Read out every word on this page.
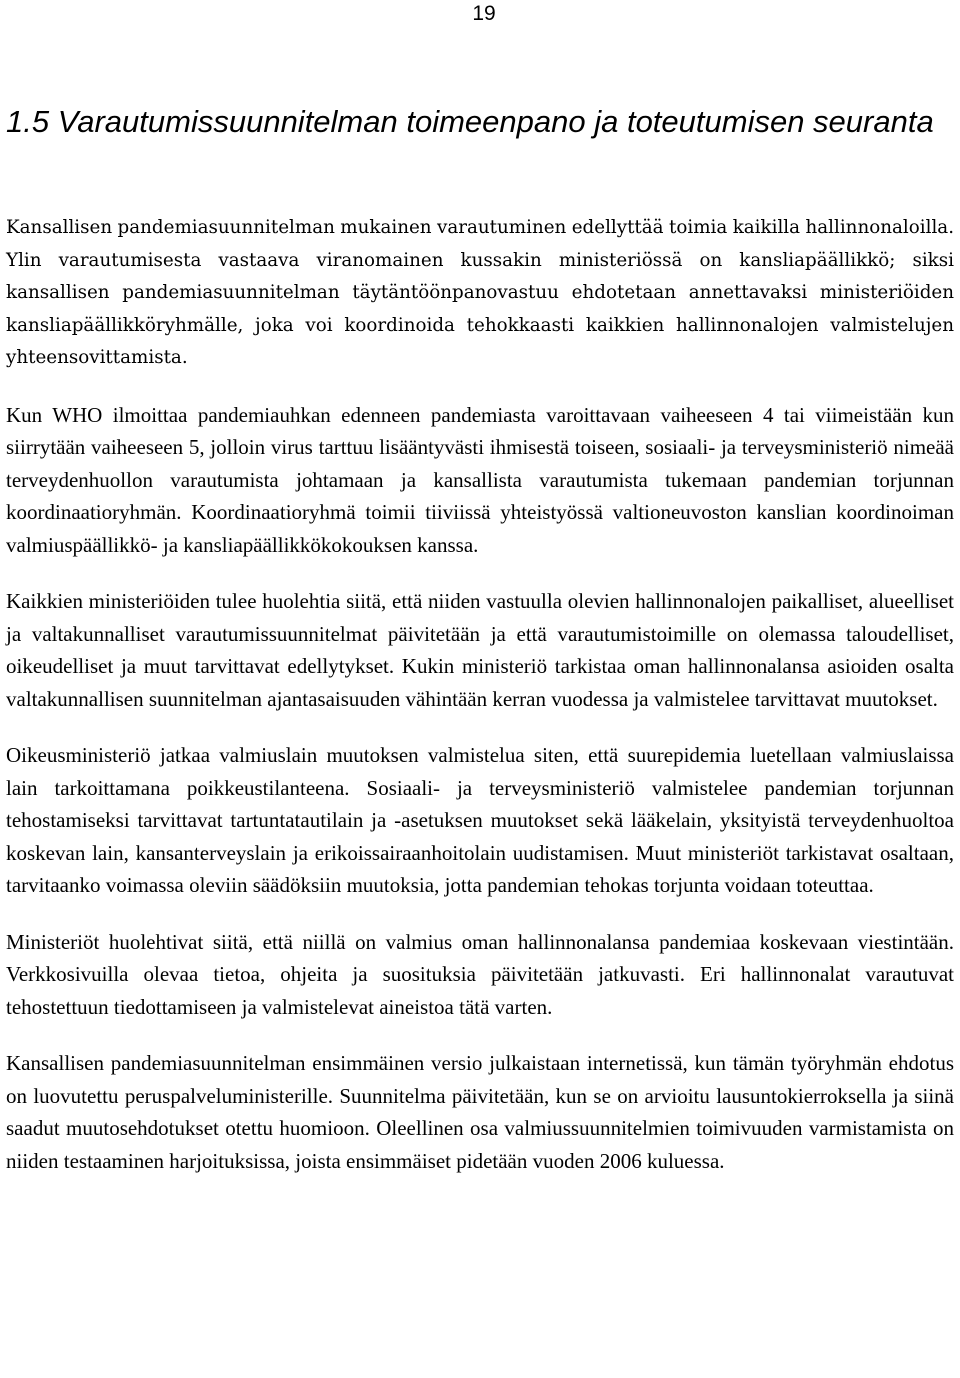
19
1.5 Varautumissuunnitelman toimeenpano ja toteutumisen seuranta

Kansallisen pandemiasuunnitelman mukainen varautuminen edellyttää toimia kaikilla hallinnonaloilla. Ylin varautumisesta vastaava viranomainen kussakin ministeriössä on kansliapäällikkö; siksi kansallisen pandemiasuunnitelman täytäntöönpanovastuu ehdotetaan annettavaksi ministeriöiden kansliapäällikköryhmälle, joka voi koordinoida tehokkaasti kaikkien hallinnonalojen valmistelujen yhteensovittamista.

Kun WHO ilmoittaa pandemiauhkan edenneen pandemiasta varoittavaan vaiheeseen 4 tai viimeistään kun siirrytään vaiheeseen 5, jolloin virus tarttuu lisääntyvästi ihmisestä toiseen, sosiaali- ja terveysministeriö nimeää terveydenhuollon varautumista johtamaan ja kansallista varautumista tukemaan pandemian torjunnan koordinaatioryhmän. Koordinaatioryhmä toimii tiiviissä yhteistyössä valtioneuvoston kanslian koordinoiman valmiuspäällikkö- ja kansliapäällikkökokouksen kanssa.

Kaikkien ministeriöiden tulee huolehtia siitä, että niiden vastuulla olevien hallinnonalojen paikalliset, alueelliset ja valtakunnalliset varautumissuunnitelmat päivitetään ja että varautumistoimille on olemassa taloudelliset, oikeudelliset ja muut tarvittavat edellytykset. Kukin ministeriö tarkistaa oman hallinnonalansa asioiden osalta valtakunnallisen suunnitelman ajantasaisuuden vähintään kerran vuodessa ja valmistelee tarvittavat muutokset.

Oikeusministeriö jatkaa valmiuslain muutoksen valmistelua siten, että suurepidemia luetellaan valmiuslaissa lain tarkoittamana poikkeustilanteena. Sosiaali- ja terveysministeriö valmistelee pandemian torjunnan tehostamiseksi tarvittavat tartuntatautilain ja -asetuksen muutokset sekä lääkelain, yksityistä terveydenhuoltoa koskevan lain, kansanterveyslain ja erikoissairaanhoitolain uudistamisen. Muut ministeriöt tarkistavat osaltaan, tarvitaanko voimassa oleviin säädöksiin muutoksia, jotta pandemian tehokas torjunta voidaan toteuttaa.

Ministeriöt huolehtivat siitä, että niillä on valmius oman hallinnonalansa pandemiaa koskevaan viestintään. Verkkosivuilla olevaa tietoa, ohjeita ja suosituksia päivitetään jatkuvasti. Eri hallinnonalat varautuvat tehostettuun tiedottamiseen ja valmistelevat aineistoa tätä varten.

Kansallisen pandemiasuunnitelman ensimmäinen versio julkaistaan internetissä, kun tämän työryhmän ehdotus on luovutettu peruspalveluministerille. Suunnitelma päivitetään, kun se on arvioitu lausuntokierroksella ja siinä saadut muutosehdotukset otettu huomioon. Oleellinen osa valmiussuunnitelmien toimivuuden varmistamista on niiden testaaminen harjoituksissa, joista ensimmäiset pidetään vuoden 2006 kuluessa.
